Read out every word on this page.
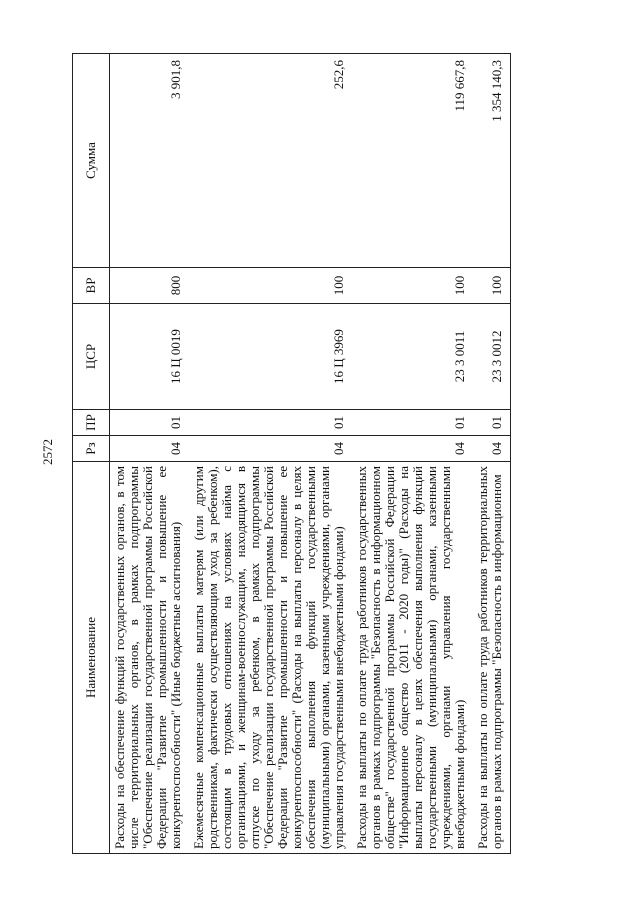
2572
Наименование	Рз	ПР	ЦСР	ВР	Сумма
Расходы на обеспечение функций государственных органов, в том числе территориальных органов, в рамках подпрограммы "Обеспечение реализации государственной программы Российской Федерации "Развитие промышленности и повышение ее конкурентоспособности" (Иные бюджетные ассигнования)	04	01	16 Ц 0019	800	3 901,8
Ежемесячные компенсационные выплаты матерям (или другим родственникам, фактически осуществляющим уход за ребенком), состоящим в трудовых отношениях на условиях найма с организациями, и женщинам-военнослужащим, находящимся в отпуске по уходу за ребенком, в рамках подпрограммы "Обеспечение реализации государственной программы Российской Федерации "Развитие промышленности и повышение ее конкурентоспособности" (Расходы на выплаты персоналу в целях обеспечения выполнения функций государственными (муниципальными) органами, казенными учреждениями, органами управления государственными внебюджетными фондами)	04	01	16 Ц 3969	100	252,6
Расходы на выплаты по оплате труда работников государственных органов в рамках подпрограммы "Безопасность в информационном обществе" государственной программы Российской Федерации "Информационное общество (2011 - 2020 годы)" (Расходы на выплаты персоналу в целях обеспечения выполнения функций государственными (муниципальными) органами, казенными учреждениями, органами управления государственными внебюджетными фондами)	04	01	23 3 0011	100	119 667,8
Расходы на выплаты по оплате труда работников территориальных органов в рамках подпрограммы "Безопасность в информационном	04	01	23 3 0012	100	1 354 140,3
